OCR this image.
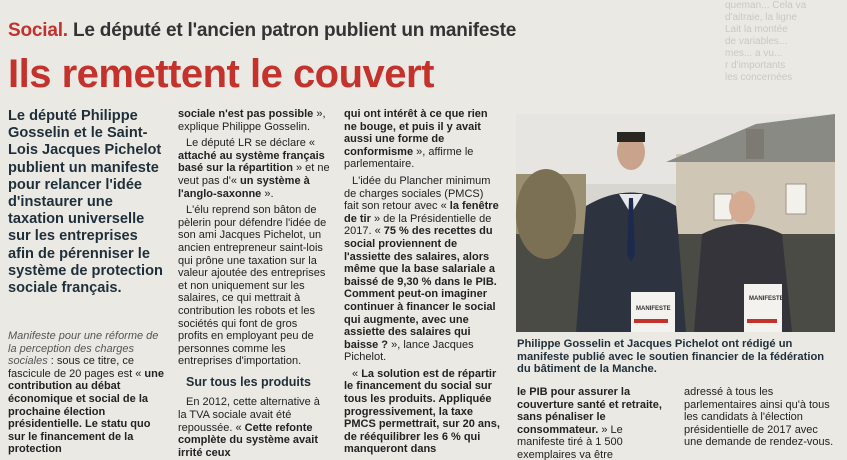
queman... Cela va
d'aitraie, la ligne
Lait la montée
de variables...
mes... a vu...
r d'importants
les concernées
Social. Le député et l'ancien patron publient un manifeste
Ils remettent le couvert
Le député Philippe Gosselin et le Saint-Lois Jacques Pichelot publient un manifeste pour relancer l'idée d'instaurer une taxation universelle sur les entreprises afin de pérenniser le système de protection sociale français.
Manifeste pour une réforme de la perception des charges sociales : sous ce titre, ce fascicule de 20 pages est « une contribution au débat économique et social de la prochaine élection présidentielle. Le statu quo sur le financement de la protection

sociale n'est pas possible », explique Philippe Gosselin.

Le député LR se déclare « attaché au système français basé sur la répartition » et ne veut pas d'« un système à l'anglo-saxonne ».

L'élu reprend son bâton de pèlerin pour défendre l'idée de son ami Jacques Pichelot, un ancien entrepreneur saint-lois qui prône une taxation sur la valeur ajoutée des entreprises et non uniquement sur les salaires, ce qui mettrait à contribution les robots et les sociétés qui font de gros profits en employant peu de personnes comme les entreprises d'importation.

Sur tous les produits

En 2012, cette alternative à la TVA sociale avait été repoussée. « Cette refonte complète du système avait irrité ceux

qui ont intérêt à ce que rien ne bouge, et puis il y avait aussi une forme de conformisme », affirme le parlementaire.

L'idée du Plancher minimum de charges sociales (PMCS) fait son retour avec « la fenêtre de tir » de la Présidentielle de 2017. « 75 % des recettes du social proviennent de l'assiette des salaires, alors même que la base salariale a baissé de 9,30 % dans le PIB. Comment peut-on imaginer continuer à financer le social qui augmente, avec une assiette des salaires qui baisse ? », lance Jacques Pichelot.

« La solution est de répartir le financement du social sur tous les produits. Appliquée progressivement, la taxe PMCS permettrait, sur 20 ans, de rééquilibrer les 6 % qui manqueront dans

MANIFESTE
MANIFESTE
Philippe Gosselin et Jacques Pichelot ont rédigé un manifeste publié avec le soutien financier de la fédération du bâtiment de la Manche.

le PIB pour assurer la couverture santé et retraite, sans pénaliser le consommateur. » Le manifeste tiré à 1 500 exemplaires va être

adressé à tous les parlementaires ainsi qu'à tous les candidats à l'élection présidentielle de 2017 avec une demande de rendez-vous.
